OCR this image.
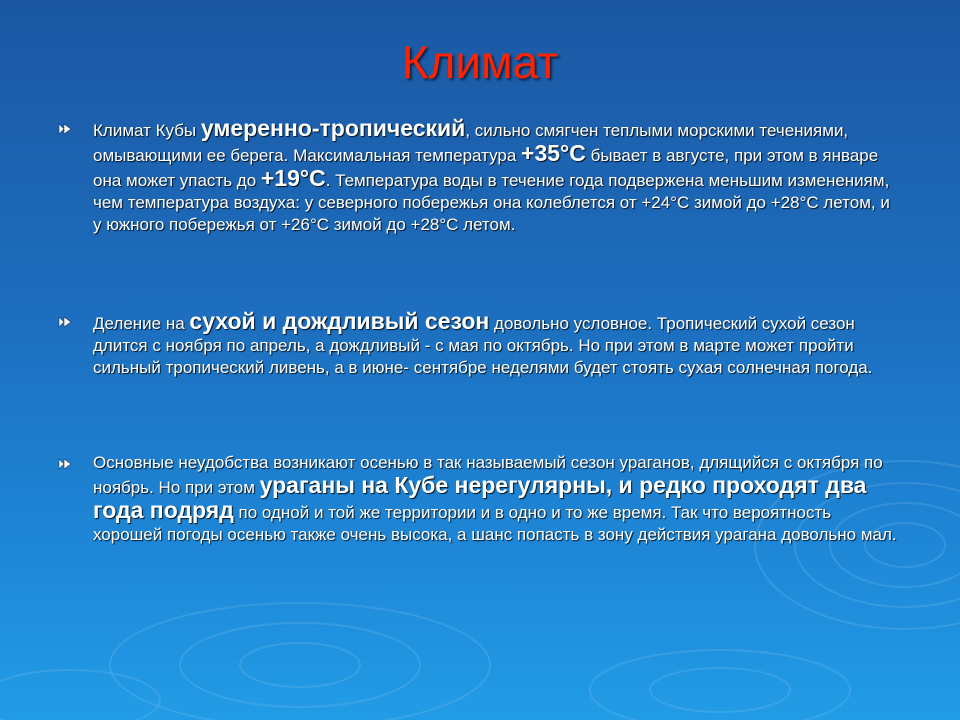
Климат
Климат Кубы умеренно-тропический, сильно смягчен теплыми морскими течениями, омывающими ее берега. Максимальная температура +35°С бывает в августе, при этом в январе она может упасть до +19°С. Температура воды в течение года подвержена меньшим изменениям, чем температура воздуха: у северного побережья она колеблется от +24°С зимой до +28°С летом, и у южного побережья от +26°С зимой до +28°С летом.
Деление на сухой и дождливый сезон довольно условное. Тропический сухой сезон длится с ноября по апрель, а дождливый - с мая по октябрь. Но при этом в марте может пройти сильный тропический ливень, а в июне- сентябре неделями будет стоять сухая солнечная погода.
Основные неудобства возникают осенью в так называемый сезон ураганов, длящийся с октября по ноябрь. Но при этом ураганы на Кубе нерегулярны, и редко проходят два года подряд по одной и той же территории и в одно и то же время. Так что вероятность хорошей погоды осенью также очень высока, а шанс попасть в зону действия урагана довольно мал.
